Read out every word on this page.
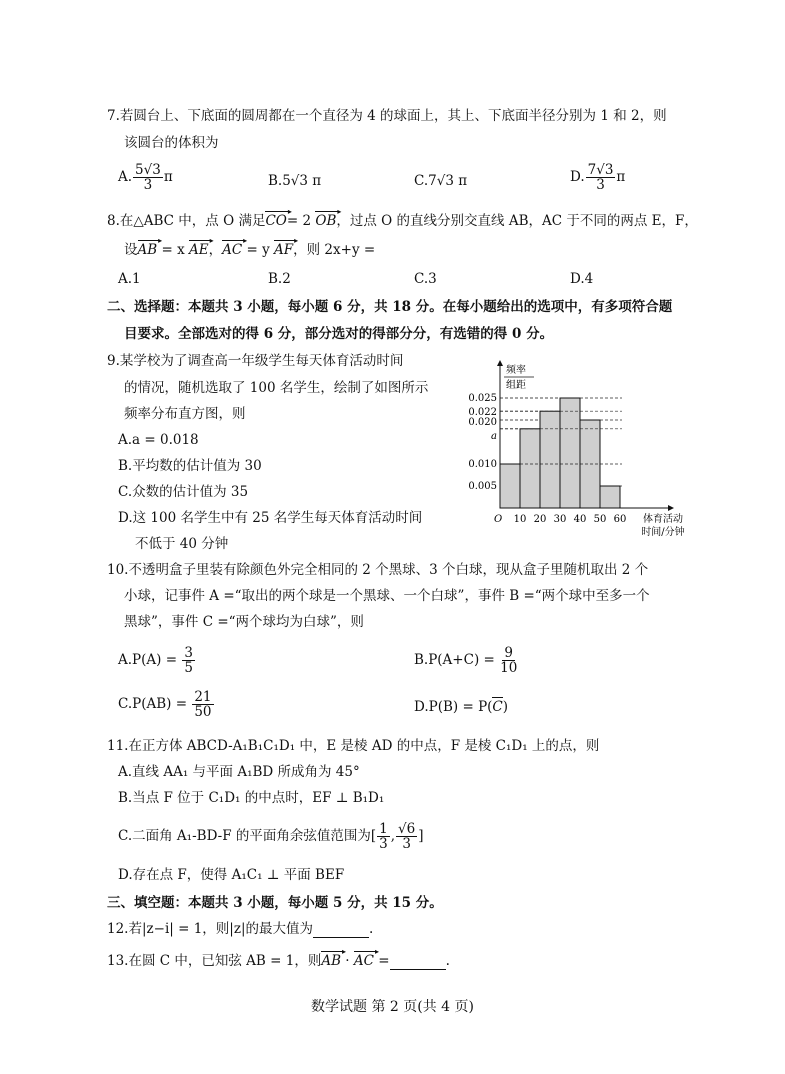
7.若圆台上、下底面的圆周都在一个直径为 4 的球面上，其上、下底面半径分别为 1 和 2，则
该圆台的体积为
A. $\frac{5√3}{3}$ π	B.5√3 π	C.7√3 π	D. $\frac{7√3}{3}$ π
8.在△ABC 中，点 O 满足CO ▸= 2 OB ▸，过点 O 的直线分别交直线 AB，AC 于不同的两点 E，F，
设AB ▸ = x AE ▸，AC ▸ = y AF ▸，则 2x+y =
A.1	B.2	C.3	D.4
二、选择题：本题共 3 小题，每小题 6 分，共 18 分。在每小题给出的选项中，有多项符合题
目要求。全部选对的得 6 分，部分选对的得部分分，有选错的得 0 分。
9.某学校为了调查高一年级学生每天体育活动时间
的情况，随机选取了 100 名学生，绘制了如图所示
频率分布直方图，则
A.a = 0.018
B.平均数的估计值为 30
C.众数的估计值为 35
D.这 100 名学生中有 25 名学生每天体育活动时间
不低于 40 分钟
频率
组距
0.005
0.010
a
0.020
0.022
0.025
O 10 20 30 40 50 60 体育活动
时间/分钟
10.不透明盒子里装有除颜色外完全相同的 2 个黑球、3 个白球，现从盒子里随机取出 2 个
小球，记事件 A =“取出的两个球是一个黑球、一个白球”，事件 B =“两个球中至多一个
黑球”，事件 C =“两个球均为白球”，则
$A.P(A) = \frac{3}{5}$	$B.P(A+C) = \frac{9}{10}$
$C.P(AB) = \frac{21}{50}$	D.P(B) = P(C)
11.在正方体 ABCD-A₁B₁C₁D₁ 中，E 是棱 AD 的中点，F 是棱 C₁D₁ 上的点，则
A.直线 AA₁ 与平面 A₁BD 所成角为 45°
B.当点 F 位于 C₁D₁ 的中点时，EF ⊥ B₁D₁
C.二面角 A₁-BD-F 的平面角余弦值范围为[ $\frac{1}{3}$ , $\frac{√6}{3}$ ]
D.存在点 F，使得 A₁C₁ ⊥ 平面 BEF
三、填空题：本题共 3 小题，每小题 5 分，共 15 分。
12.若|z−i| = 1，则|z|的最大值为	.
13.在圆 C 中，已知弦 AB = 1，则AB ▸ · AC ▸ =	.
数学试题 第 2 页(共 4 页)
